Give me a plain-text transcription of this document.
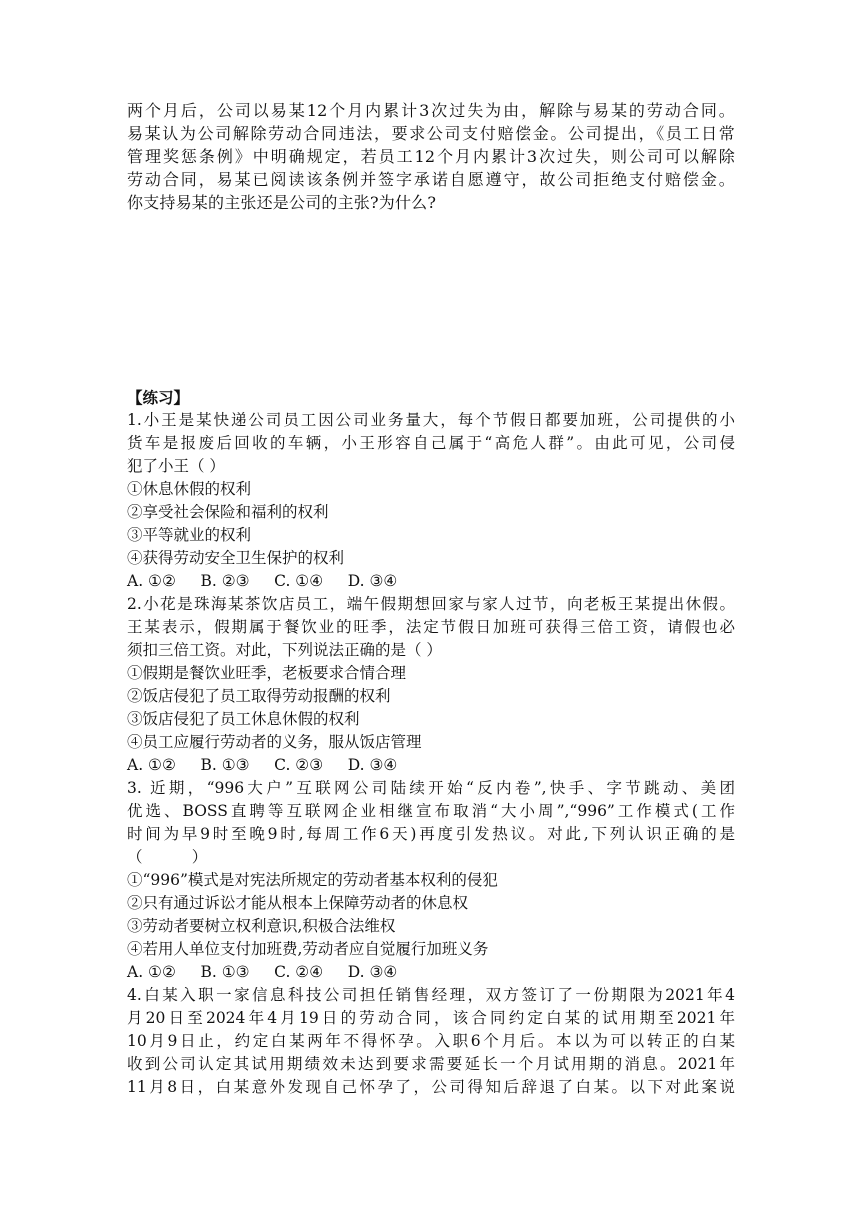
两个月后，公司以易某12个月内累计3次过失为由，解除与易某的劳动合同。
易某认为公司解除劳动合同违法，要求公司支付赔偿金。公司提出，《员工日常
管理奖惩条例》中明确规定，若员工12个月内累计3次过失，则公司可以解除
劳动合同，易某已阅读该条例并签字承诺自愿遵守，故公司拒绝支付赔偿金。
你支持易某的主张还是公司的主张?为什么?
【练习】
1.小王是某快递公司员工因公司业务量大，每个节假日都要加班，公司提供的小
货车是报废后回收的车辆，小王形容自己属于“高危人群”。由此可见，公司侵
犯了小王（ ）
①休息休假的权利
②享受社会保险和福利的权利
③平等就业的权利
④获得劳动安全卫生保护的权利
A. ①②     B. ②③     C. ①④     D. ③④
2.小花是珠海某茶饮店员工，端午假期想回家与家人过节，向老板王某提出休假。
王某表示，假期属于餐饮业的旺季，法定节假日加班可获得三倍工资，请假也必
须扣三倍工资。对此，下列说法正确的是（ ）
①假期是餐饮业旺季，老板要求合情合理
②饭店侵犯了员工取得劳动报酬的权利
③饭店侵犯了员工休息休假的权利
④员工应履行劳动者的义务，服从饭店管理
A. ①②     B. ①③     C. ②③     D. ③④
3. 近期，“996大户”互联网公司陆续开始“反内卷”,快手、字节跳动、美团
优选、BOSS直聘等互联网企业相继宣布取消“大小周”,“996”工作模式(工作
时间为早9时至晚9时,每周工作6天)再度引发热议。对此,下列认识正确的是
（          ）
①“996”模式是对宪法所规定的劳动者基本权利的侵犯
②只有通过诉讼才能从根本上保障劳动者的休息权
③劳动者要树立权利意识,积极合法维权
④若用人单位支付加班费,劳动者应自觉履行加班义务
A. ①②     B. ①③     C. ②④     D. ③④
4.白某入职一家信息科技公司担任销售经理，双方签订了一份期限为2021年4
月20日至2024年4月19日的劳动合同，该合同约定白某的试用期至2021年
10月9日止，约定白某两年不得怀孕。入职6个月后。本以为可以转正的白某
收到公司认定其试用期绩效未达到要求需要延长一个月试用期的消息。2021年
11月8日，白某意外发现自己怀孕了，公司得知后辞退了白某。以下对此案说
